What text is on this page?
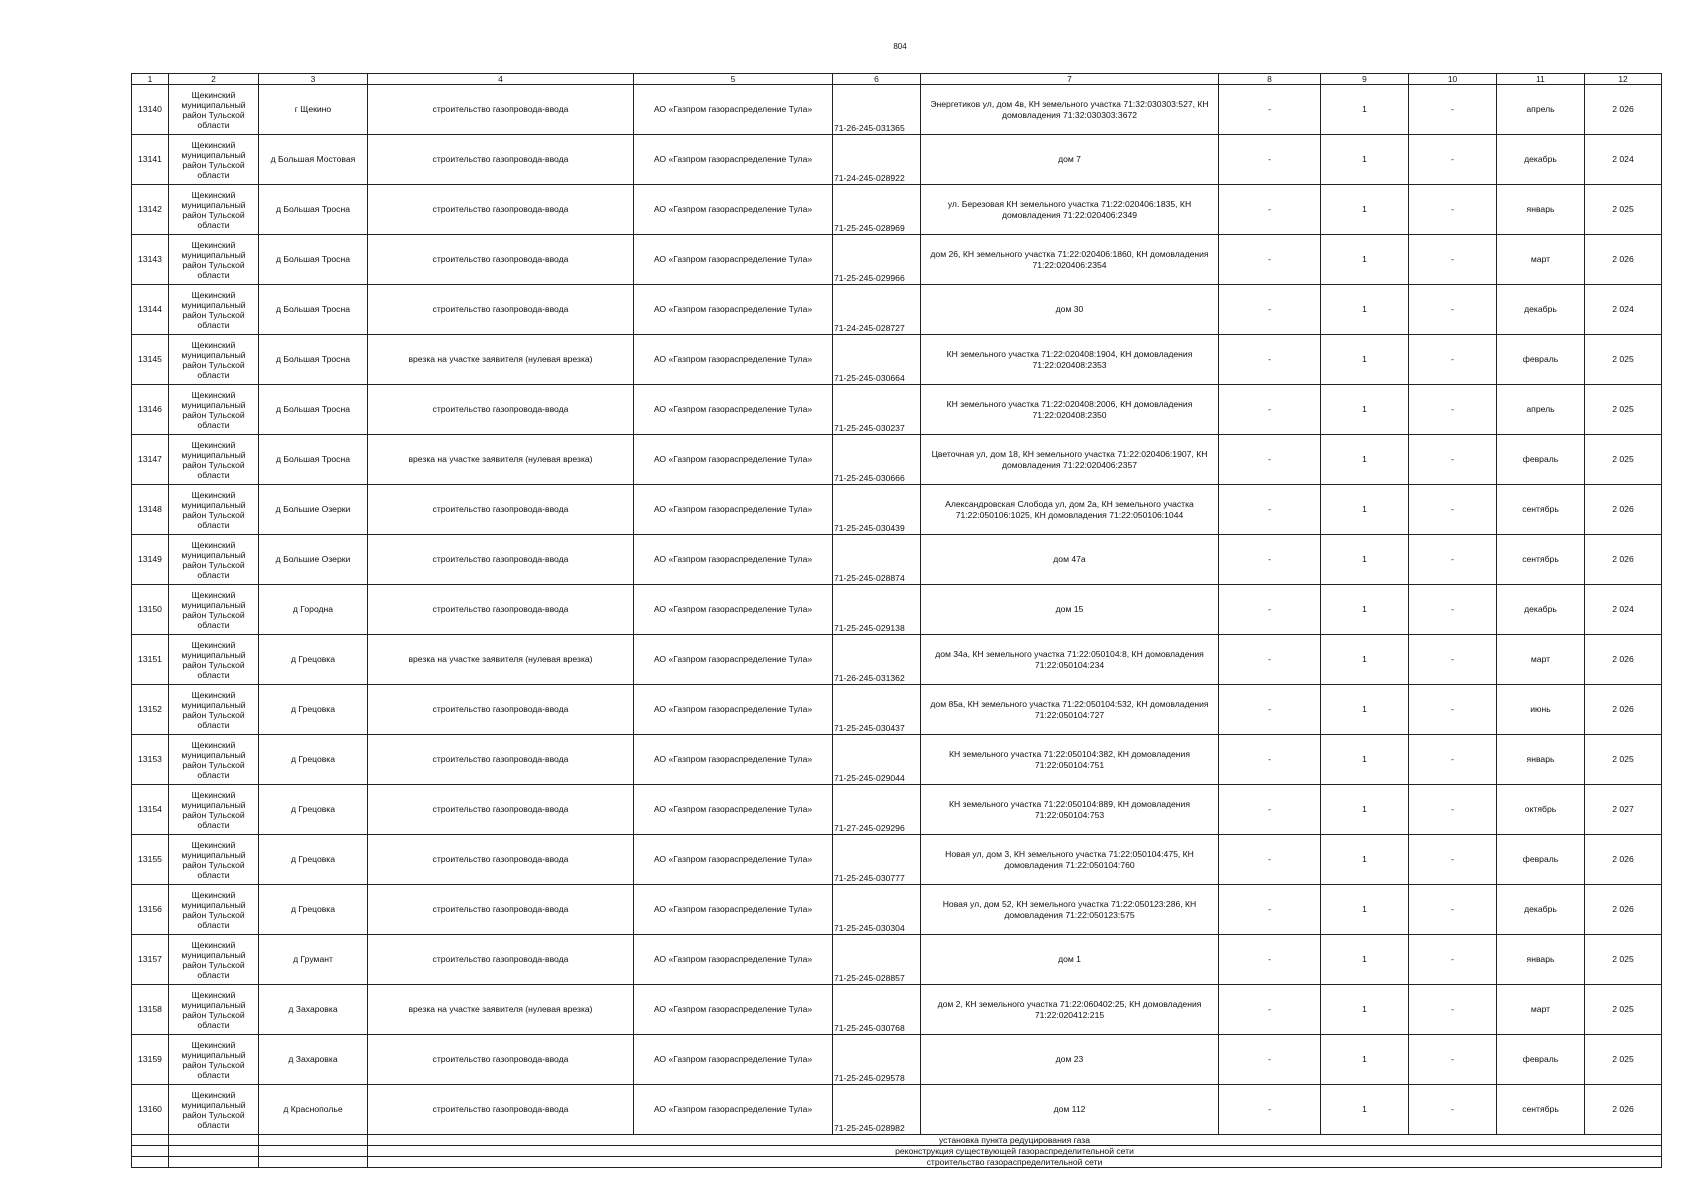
804
1	2	3	4	5	6	7	8	9	10	11	12
13140	Щекинский муниципальный район Тульской области	г Щекино	строительство газопровода-ввода	АО «Газпром газораспределение Тула»	71-26-245-031365	Энергетиков ул, дом 4в, КН земельного участка 71:32:030303:527, КН домовладения 71:32:030303:3672	-	1	-	апрель	2 026
13141	Щекинский муниципальный район Тульской области	д Большая Мостовая	строительство газопровода-ввода	АО «Газпром газораспределение Тула»	71-24-245-028922	дом 7	-	1	-	декабрь	2 024
13142	Щекинский муниципальный район Тульской области	д Большая Тросна	строительство газопровода-ввода	АО «Газпром газораспределение Тула»	71-25-245-028969	ул. Березовая КН земельного участка 71:22:020406:1835, КН домовладения 71:22:020406:2349	-	1	-	январь	2 025
13143	Щекинский муниципальный район Тульской области	д Большая Тросна	строительство газопровода-ввода	АО «Газпром газораспределение Тула»	71-25-245-029966	дом 26, КН земельного участка 71:22:020406:1860, КН домовладения 71:22:020406:2354	-	1	-	март	2 026
13144	Щекинский муниципальный район Тульской области	д Большая Тросна	строительство газопровода-ввода	АО «Газпром газораспределение Тула»	71-24-245-028727	дом 30	-	1	-	декабрь	2 024
13145	Щекинский муниципальный район Тульской области	д Большая Тросна	врезка на участке заявителя (нулевая врезка)	АО «Газпром газораспределение Тула»	71-25-245-030664	КН земельного участка 71:22:020408:1904, КН домовладения 71:22:020408:2353	-	1	-	февраль	2 025
13146	Щекинский муниципальный район Тульской области	д Большая Тросна	строительство газопровода-ввода	АО «Газпром газораспределение Тула»	71-25-245-030237	КН земельного участка 71:22:020408:2006, КН домовладения 71:22:020408:2350	-	1	-	апрель	2 025
13147	Щекинский муниципальный район Тульской области	д Большая Тросна	врезка на участке заявителя (нулевая врезка)	АО «Газпром газораспределение Тула»	71-25-245-030666	Цветочная ул, дом 18, КН земельного участка 71:22:020406:1907, КН домовладения 71:22:020406:2357	-	1	-	февраль	2 025
13148	Щекинский муниципальный район Тульской области	д Большие Озерки	строительство газопровода-ввода	АО «Газпром газораспределение Тула»	71-25-245-030439	Александровская Слобода ул, дом 2а, КН земельного участка 71:22:050106:1025, КН домовладения 71:22:050106:1044	-	1	-	сентябрь	2 026
13149	Щекинский муниципальный район Тульской области	д Большие Озерки	строительство газопровода-ввода	АО «Газпром газораспределение Тула»	71-25-245-028874	дом 47а	-	1	-	сентябрь	2 026
13150	Щекинский муниципальный район Тульской области	д Городна	строительство газопровода-ввода	АО «Газпром газораспределение Тула»	71-25-245-029138	дом 15	-	1	-	декабрь	2 024
13151	Щекинский муниципальный район Тульской области	д Грецовка	врезка на участке заявителя (нулевая врезка)	АО «Газпром газораспределение Тула»	71-26-245-031362	дом 34а, КН земельного участка 71:22:050104:8, КН домовладения 71:22:050104:234	-	1	-	март	2 026
13152	Щекинский муниципальный район Тульской области	д Грецовка	строительство газопровода-ввода	АО «Газпром газораспределение Тула»	71-25-245-030437	дом 85а, КН земельного участка 71:22:050104:532, КН домовладения 71:22:050104:727	-	1	-	июнь	2 026
13153	Щекинский муниципальный район Тульской области	д Грецовка	строительство газопровода-ввода	АО «Газпром газораспределение Тула»	71-25-245-029044	КН земельного участка 71:22:050104:382, КН домовладения 71:22:050104:751	-	1	-	январь	2 025
13154	Щекинский муниципальный район Тульской области	д Грецовка	строительство газопровода-ввода	АО «Газпром газораспределение Тула»	71-27-245-029296	КН земельного участка 71:22:050104:889, КН домовладения 71:22:050104:753	-	1	-	октябрь	2 027
13155	Щекинский муниципальный район Тульской области	д Грецовка	строительство газопровода-ввода	АО «Газпром газораспределение Тула»	71-25-245-030777	Новая ул, дом 3, КН земельного участка 71:22:050104:475, КН домовладения 71:22:050104:760	-	1	-	февраль	2 026
13156	Щекинский муниципальный район Тульской области	д Грецовка	строительство газопровода-ввода	АО «Газпром газораспределение Тула»	71-25-245-030304	Новая ул, дом 52, КН земельного участка 71:22:050123:286, КН домовладения 71:22:050123:575	-	1	-	декабрь	2 026
13157	Щекинский муниципальный район Тульской области	д Грумант	строительство газопровода-ввода	АО «Газпром газораспределение Тула»	71-25-245-028857	дом 1	-	1	-	январь	2 025
13158	Щекинский муниципальный район Тульской области	д Захаровка	врезка на участке заявителя (нулевая врезка)	АО «Газпром газораспределение Тула»	71-25-245-030768	дом 2, КН земельного участка 71:22:060402:25, КН домовладения 71:22:020412:215	-	1	-	март	2 025
13159	Щекинский муниципальный район Тульской области	д Захаровка	строительство газопровода-ввода	АО «Газпром газораспределение Тула»	71-25-245-029578	дом 23	-	1	-	февраль	2 025
13160	Щекинский муниципальный район Тульской области	д Краснополье	строительство газопровода-ввода	АО «Газпром газораспределение Тула»	71-25-245-028982	дом 112	-	1	-	сентябрь	2 026
			установка пункта редуцирования газа								
			реконструкция существующей газораспределительной сети								
			строительство газораспределительной сети								
